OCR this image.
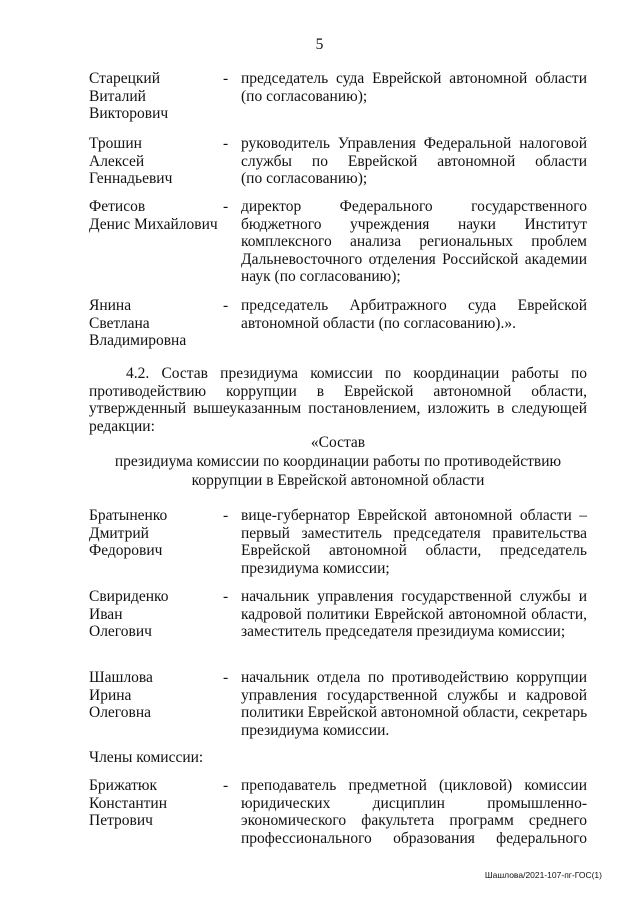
5
Старецкий
Виталий
Викторович
- председатель суда Еврейской автономной области
(по согласованию);
Трошин
Алексей
Геннадьевич
- руководитель Управления Федеральной налоговой
службы по Еврейской автономной области
(по согласованию);
Фетисов
Денис Михайлович
- директор Федерального государственного
бюджетного учреждения науки Институт
комплексного анализа региональных проблем
Дальневосточного отделения Российской академии
наук (по согласованию);
Янина
Светлана
Владимировна
- председатель Арбитражного суда Еврейской
автономной области (по согласованию).».
4.2. Состав президиума комиссии по координации работы по
противодействию коррупции в Еврейской автономной области,
утвержденный вышеуказанным постановлением, изложить в следующей
редакции:
«Состав
президиума комиссии по координации работы по противодействию
коррупции в Еврейской автономной области
Братыненко
Дмитрий
Федорович
- вице-губернатор Еврейской автономной области –
первый заместитель председателя правительства
Еврейской автономной области, председатель
президиума комиссии;
Свириденко
Иван
Олегович
- начальник управления государственной службы и
кадровой политики Еврейской автономной области,
заместитель председателя президиума комиссии;
Шашлова
Ирина
Олеговна
- начальник отдела по противодействию коррупции
управления государственной службы и кадровой
политики Еврейской автономной области, секретарь
президиума комиссии.
Члены комиссии:
Брижатюк
Константин
Петрович
- преподаватель предметной (цикловой) комиссии
юридических дисциплин промышленно-
экономического факультета программ среднего
профессионального образования федерального
Шашлова/2021-107-пг-ГОС(1)
